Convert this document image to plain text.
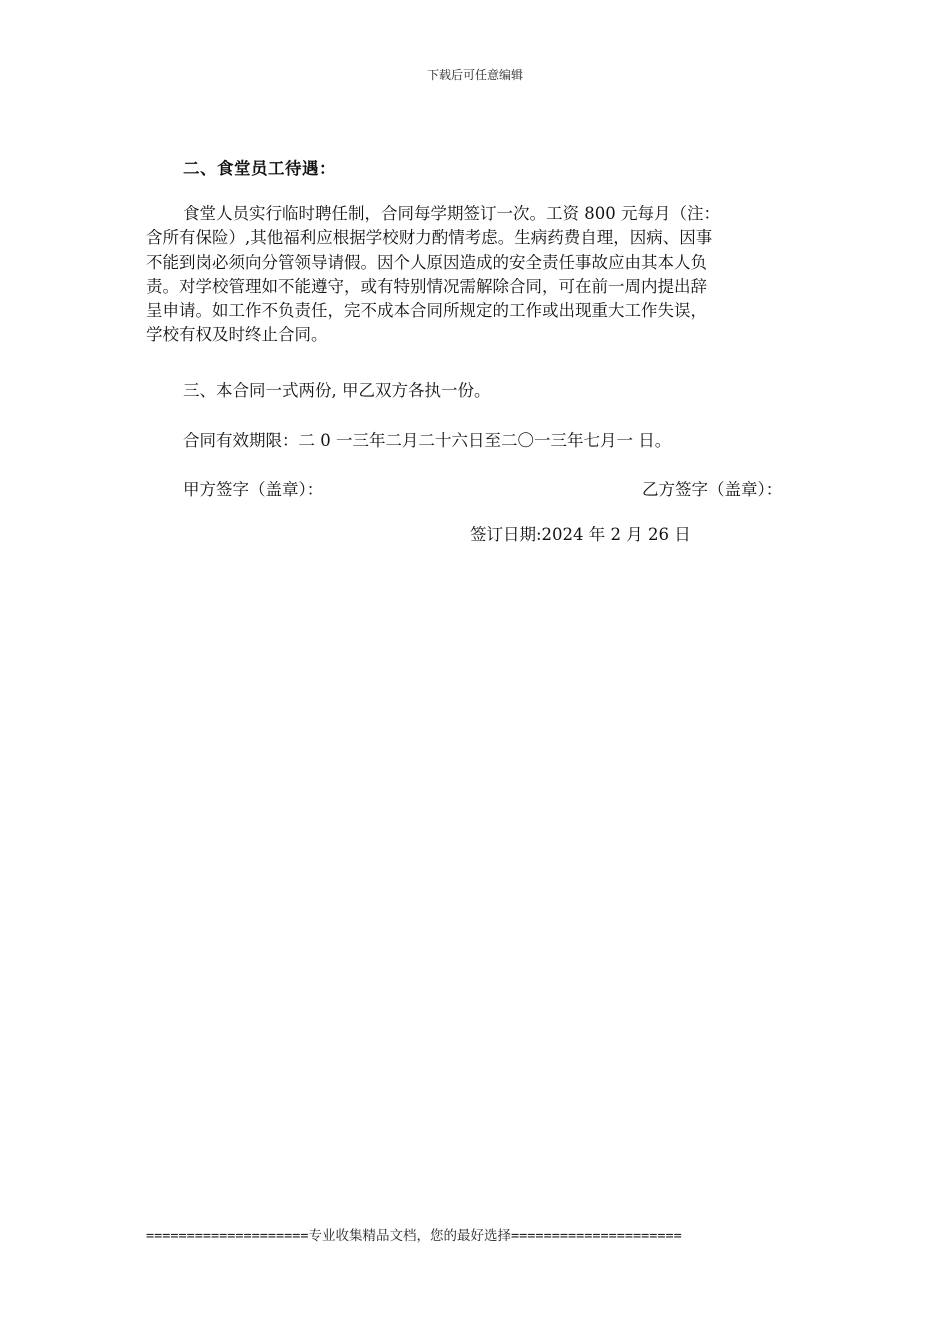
下载后可任意编辑
二、食堂员工待遇：
食堂人员实行临时聘任制，合同每学期签订一次。工资 800 元每月（注：
含所有保险）,其他福利应根据学校财力酌情考虑。生病药费自理，因病、因事
不能到岗必须向分管领导请假。因个人原因造成的安全责任事故应由其本人负
责。对学校管理如不能遵守，或有特别情况需解除合同，可在前一周内提出辞
呈申请。如工作不负责任，完不成本合同所规定的工作或出现重大工作失误，
学校有权及时终止合同。
三、本合同一式两份, 甲乙双方各执一份。
合同有效期限：二 0 一三年二月二十六日至二〇一三年七月一 日。
甲方签字（盖章）：	乙方签字（盖章）：
签订日期:2024 年 2 月 26 日
====================专业收集精品文档，您的最好选择=====================
